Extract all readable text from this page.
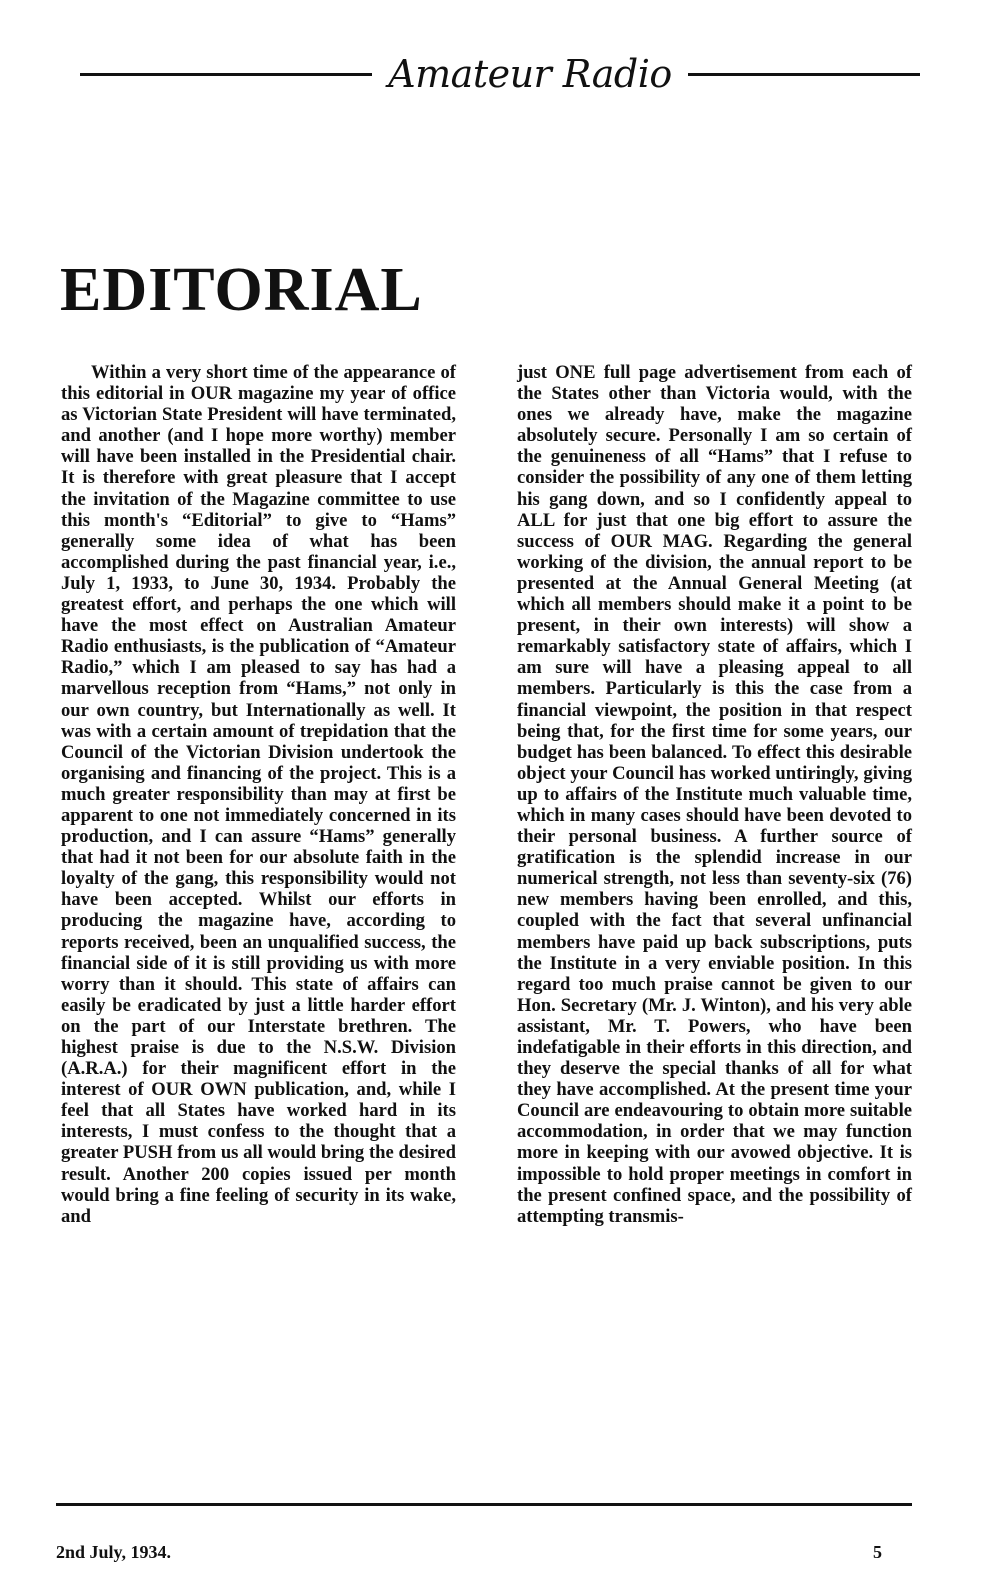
Amateur Radio
EDITORIAL

Within a very short time of the appearance of this editorial in OUR magazine my year of office as Victorian State President will have terminated, and another (and I hope more worthy) member will have been installed in the Presidential chair. It is therefore with great pleasure that I accept the invitation of the Magazine committee to use this month's “Editorial” to give to “Hams” generally some idea of what has been accomplished during the past financial year, i.e., July 1, 1933, to June 30, 1934. Probably the greatest effort, and perhaps the one which will have the most effect on Australian Amateur Radio enthusiasts, is the publication of “Amateur Radio,” which I am pleased to say has had a marvellous reception from “Hams,” not only in our own country, but Internationally as well. It was with a certain amount of trepidation that the Council of the Victorian Division undertook the organising and financing of the project. This is a much greater responsibility than may at first be apparent to one not immediately concerned in its production, and I can assure “Hams” generally that had it not been for our absolute faith in the loyalty of the gang, this responsibility would not have been accepted. Whilst our efforts in producing the magazine have, according to reports received, been an unqualified success, the financial side of it is still providing us with more worry than it should. This state of affairs can easily be eradicated by just a little harder effort on the part of our Interstate brethren. The highest praise is due to the N.S.W. Division (A.R.A.) for their magnificent effort in the interest of OUR OWN publication, and, while I feel that all States have worked hard in its interests, I must confess to the thought that a greater PUSH from us all would bring the desired result. Another 200 copies issued per month would bring a fine feeling of security in its wake, and

just ONE full page advertisement from each of the States other than Victoria would, with the ones we already have, make the magazine absolutely secure. Personally I am so certain of the genuineness of all “Hams” that I refuse to consider the possibility of any one of them letting his gang down, and so I confidently appeal to ALL for just that one big effort to assure the success of OUR MAG. Regarding the general working of the division, the annual report to be presented at the Annual General Meeting (at which all members should make it a point to be present, in their own interests) will show a remarkably satisfactory state of affairs, which I am sure will have a pleasing appeal to all members. Particularly is this the case from a financial viewpoint, the position in that respect being that, for the first time for some years, our budget has been balanced. To effect this desirable object your Council has worked untiringly, giving up to affairs of the Institute much valuable time, which in many cases should have been devoted to their personal business. A further source of gratification is the splendid increase in our numerical strength, not less than seventy-six (76) new members having been enrolled, and this, coupled with the fact that several unfinancial members have paid up back subscriptions, puts the Institute in a very enviable position. In this regard too much praise cannot be given to our Hon. Secretary (Mr. J. Winton), and his very able assistant, Mr. T. Powers, who have been indefatigable in their efforts in this direction, and they deserve the special thanks of all for what they have accomplished. At the present time your Council are endeavouring to obtain more suitable accommodation, in order that we may function more in keeping with our avowed objective. It is impossible to hold proper meetings in comfort in the present confined space, and the possibility of attempting transmis-

2nd July, 1934.	5
